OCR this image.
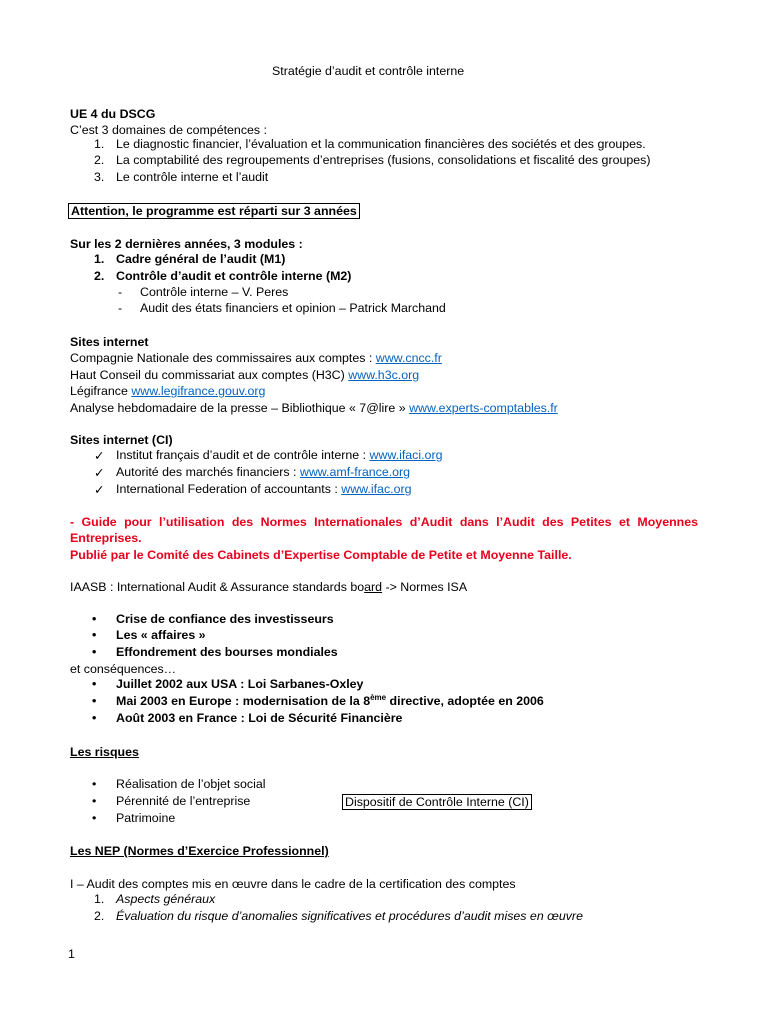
Stratégie d’audit et contrôle interne
UE 4 du DSCG
C’est 3 domaines de compétences :
1. Le diagnostic financier, l’évaluation et la communication financières des sociétés et des groupes.
2. La comptabilité des regroupements d’entreprises (fusions, consolidations et fiscalité des groupes)
3. Le contrôle interne et l’audit
Attention, le programme est réparti sur 3 années
Sur les 2 dernières années, 3 modules :
1. Cadre général de l’audit (M1)
2. Contrôle d’audit et contrôle interne (M2)
-	Contrôle interne – V. Peres
-	Audit des états financiers et opinion – Patrick Marchand
Sites internet
Compagnie Nationale des commissaires aux comptes : www.cncc.fr
Haut Conseil du commissariat aux comptes (H3C) www.h3c.org
Légifrance www.legifrance.gouv.org
Analyse hebdomadaire de la presse – Bibliothique « 7@lire » www.experts-comptables.fr
Sites internet (CI)
✓ Institut français d’audit et de contrôle interne : www.ifaci.org
✓ Autorité des marchés financiers : www.amf-france.org
✓ International Federation of accountants : www.ifac.org
- Guide pour l’utilisation des Normes Internationales d’Audit dans l’Audit des Petites et Moyennes
Entreprises.
Publié par le Comité des Cabinets d’Expertise Comptable de Petite et Moyenne Taille.
IAASB : International Audit & Assurance standards board -> Normes ISA
•	Crise de confiance des investisseurs
•	Les « affaires »
•	Effondrement des bourses mondiales
et conséquences…
•	Juillet 2002 aux USA : Loi Sarbanes-Oxley
•	Mai 2003 en Europe : modernisation de la 8ème directive, adoptée en 2006
•	Août 2003 en France : Loi de Sécurité Financière
Les risques
•	Réalisation de l’objet social
•	Pérennité de l’entreprise
•	Patrimoine
Dispositif de Contrôle Interne (CI)
Les NEP (Normes d’Exercice Professionnel)
I – Audit des comptes mis en œuvre dans le cadre de la certification des comptes
1. Aspects généraux
2. Évaluation du risque d’anomalies significatives et procédures d’audit mises en œuvre
1
